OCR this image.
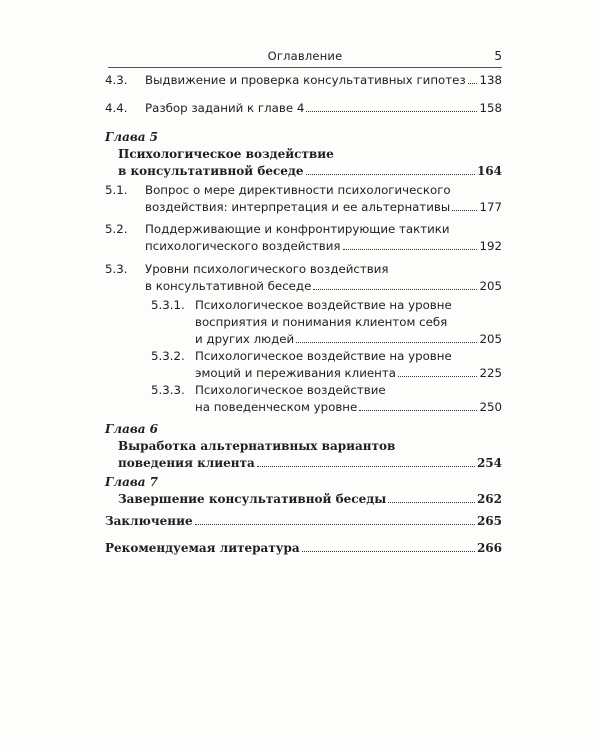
Оглавление	5
4.3.	Выдвижение и проверка консультативных гипотез 138
4.4.	Разбор заданий к главе 4	158
Глава 5
Психологическое воздействие
в консультативной беседе	164
5.1.	Вопрос о мере директивности психологического
воздействия: интерпретация и ее альтернативы 177
5.2.	Поддерживающие и конфронтирующие тактики
психологического воздействия	192
5.3.	Уровни психологического воздействия
в консультативной беседе	205
5.3.1. Психологическое воздействие на уровне
восприятия и понимания клиентом себя
и других людей	205
5.3.2. Психологическое воздействие на уровне
эмоций и переживания клиента	225
5.3.3. Психологическое воздействие
на поведенческом уровне	250
Глава 6
Выработка альтернативных вариантов
поведения клиента	254
Глава 7
Завершение консультативной беседы	262
Заключение	265
Рекомендуемая литература	266
